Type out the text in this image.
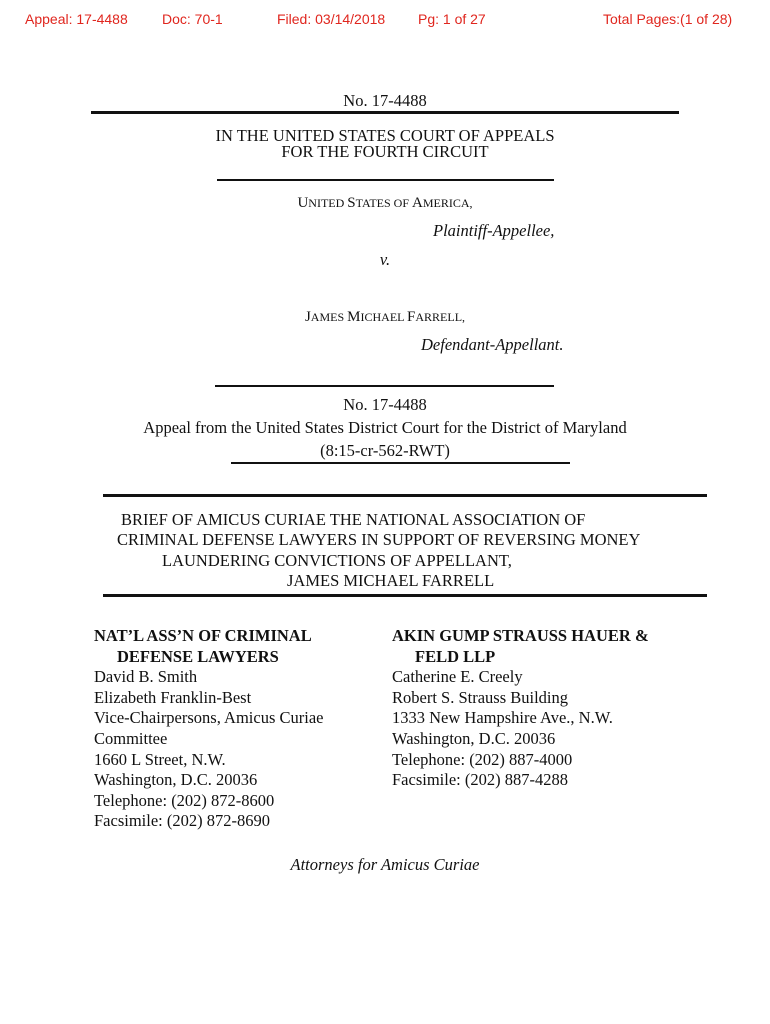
Appeal: 17-4488 Doc: 70-1	Filed: 03/14/2018 Pg: 1 of 27	Total Pages:(1 of 28)
No. 17-4488
IN THE UNITED STATES COURT OF APPEALS
FOR THE FOURTH CIRCUIT
UNITED STATES OF AMERICA,
Plaintiff-Appellee,
v.
JAMES MICHAEL FARRELL,
Defendant-Appellant.
No. 17-4488
Appeal from the United States District Court for the District of Maryland
(8:15-cr-562-RWT)
BRIEF OF AMICUS CURIAE THE NATIONAL ASSOCIATION OF
CRIMINAL DEFENSE LAWYERS IN SUPPORT OF REVERSING MONEY
LAUNDERING CONVICTIONS OF APPELLANT,
JAMES MICHAEL FARRELL
NAT’L ASS’N OF CRIMINAL
DEFENSE LAWYERS
David B. Smith
Elizabeth Franklin-Best
Vice-Chairpersons, Amicus Curiae
Committee
1660 L Street, N.W.
Washington, D.C. 20036
Telephone: (202) 872-8600
Facsimile: (202) 872-8690
AKIN GUMP STRAUSS HAUER &
FELD LLP
Catherine E. Creely
Robert S. Strauss Building
1333 New Hampshire Ave., N.W.
Washington, D.C. 20036
Telephone: (202) 887-4000
Facsimile: (202) 887-4288
Attorneys for Amicus Curiae
